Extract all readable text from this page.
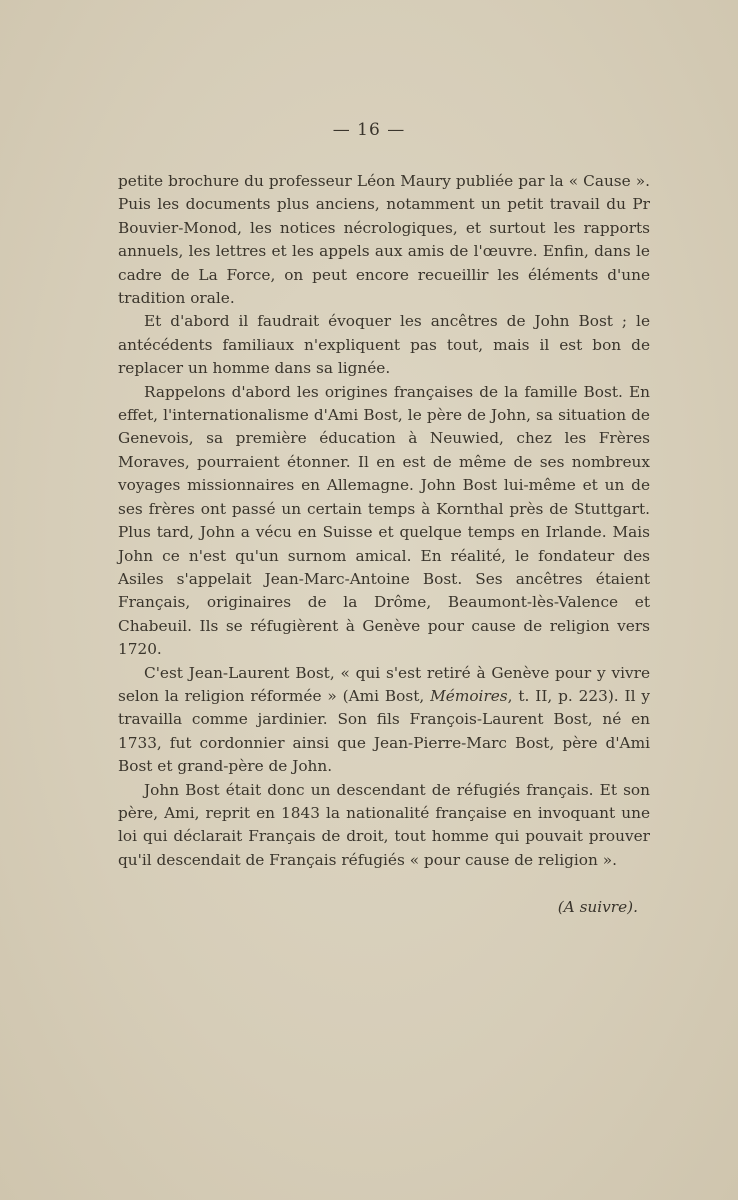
— 16 —

petite brochure du professeur Léon Maury publiée par la « Cause ». Puis les documents plus anciens, notamment un petit travail du Pr Bouvier-Monod, les notices nécrologiques, et surtout les rapports annuels, les lettres et les appels aux amis de l'œuvre. Enfin, dans le cadre de La Force, on peut encore recueillir les éléments d'une tradition orale.

Et d'abord il faudrait évoquer les ancêtres de John Bost ; le antécédents familiaux n'expliquent pas tout, mais il est bon de replacer un homme dans sa lignée.

Rappelons d'abord les origines françaises de la famille Bost. En effet, l'internationalisme d'Ami Bost, le père de John, sa situation de Genevois, sa première éducation à Neuwied, chez les Frères Moraves, pourraient étonner. Il en est de même de ses nombreux voyages missionnaires en Allemagne. John Bost lui-même et un de ses frères ont passé un certain temps à Kornthal près de Stuttgart. Plus tard, John a vécu en Suisse et quelque temps en Irlande. Mais John ce n'est qu'un surnom amical. En réalité, le fondateur des Asiles s'appelait Jean-Marc-Antoine Bost. Ses ancêtres étaient Français, originaires de la Drôme, Beaumont-lès-Valence et Chabeuil. Ils se réfugièrent à Genève pour cause de religion vers 1720.

C'est Jean-Laurent Bost, « qui s'est retiré à Genève pour y vivre selon la religion réformée » (Ami Bost, Mémoires, t. II, p. 223). Il y travailla comme jardinier. Son fils François-Laurent Bost, né en 1733, fut cordonnier ainsi que Jean-Pierre-Marc Bost, père d'Ami Bost et grand-père de John.

John Bost était donc un descendant de réfugiés français. Et son père, Ami, reprit en 1843 la nationalité française en invoquant une loi qui déclarait Français de droit, tout homme qui pouvait prouver qu'il descendait de Français réfugiés « pour cause de religion ».

(A suivre).
